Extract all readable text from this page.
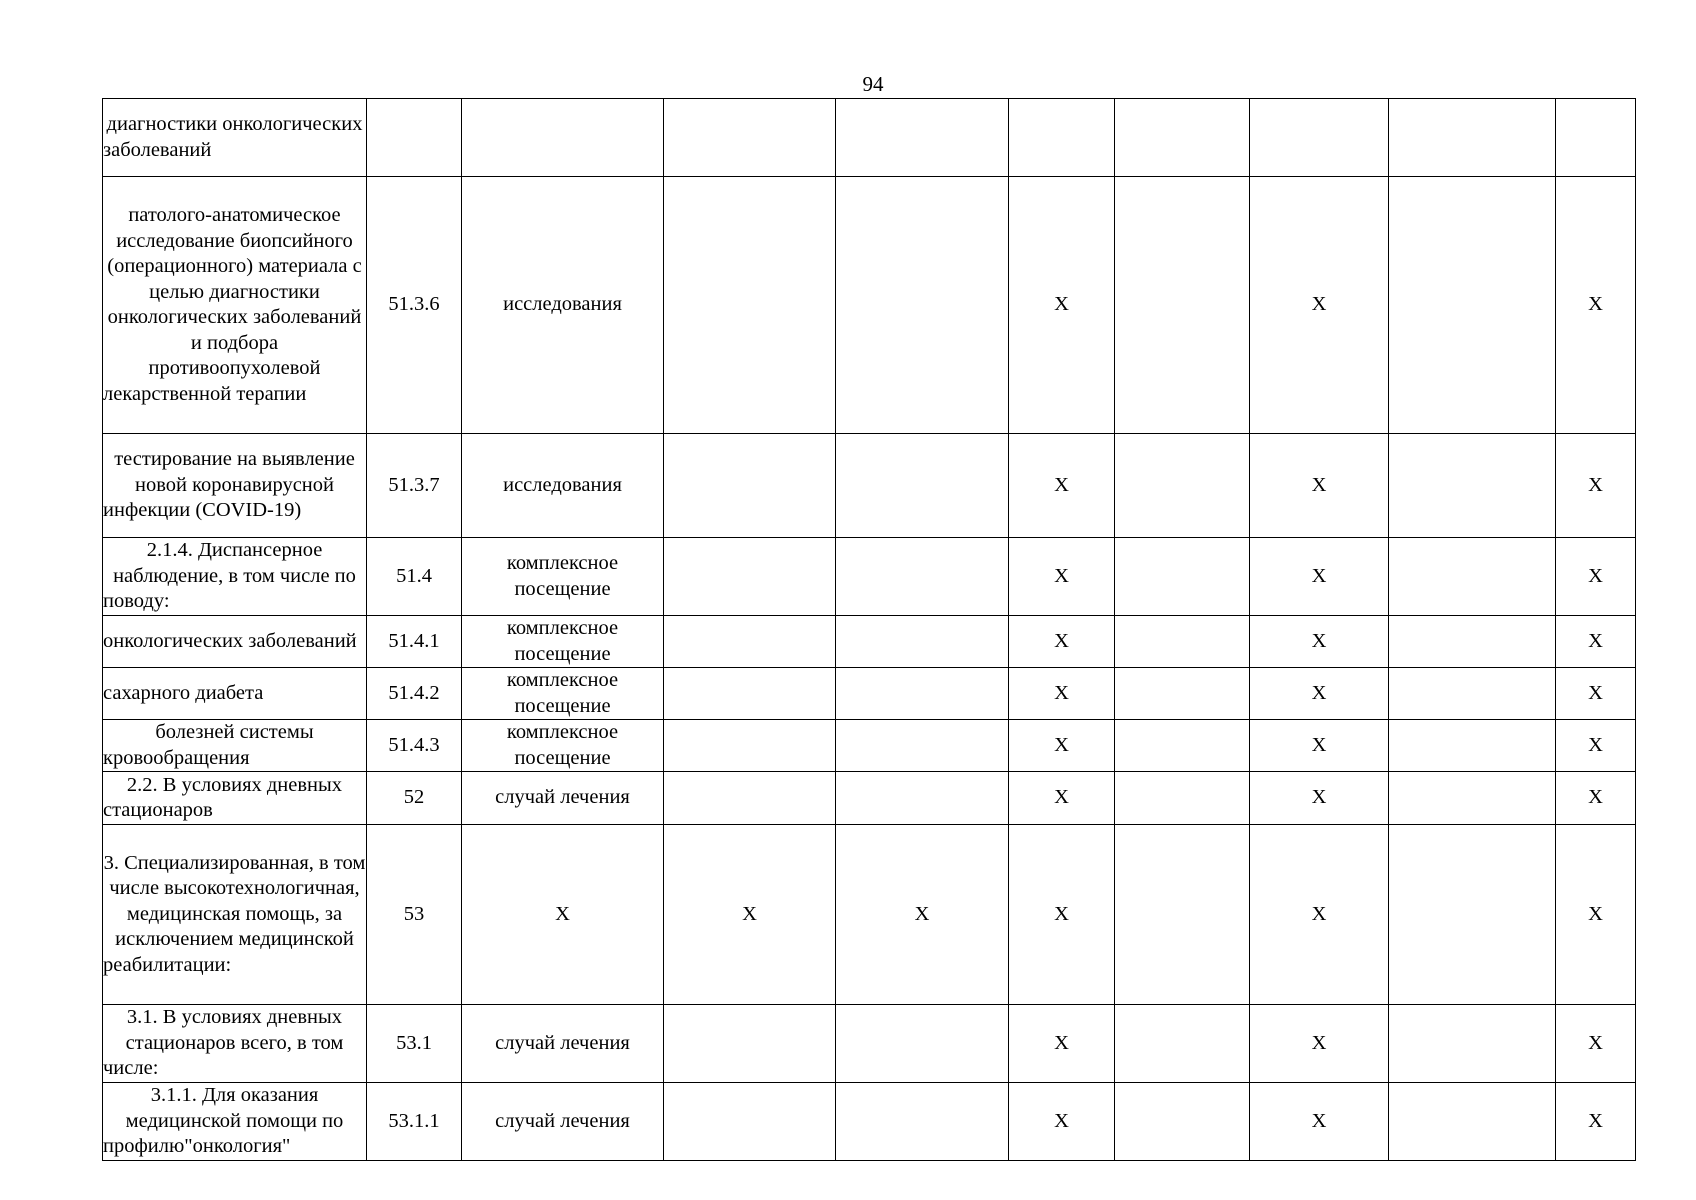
94
диагностики онкологических заболеваний									
патолого-анатомическое исследование биопсийного (операционного) материала с целью диагностики онкологических заболеваний и подбора противоопухолевой лекарственной терапии	51.3.6	исследования			Х		Х		Х
тестирование на выявление новой коронавирусной инфекции (COVID-19)	51.3.7	исследования			Х		Х		Х
2.1.4. Диспансерное наблюдение, в том числе по поводу:	51.4	комплексное посещение			Х		Х		Х
онкологических заболеваний	51.4.1	комплексное посещение			Х		Х		Х
сахарного диабета	51.4.2	комплексное посещение			Х		Х		Х
болезней системы кровообращения	51.4.3	комплексное посещение			Х		Х		Х
2.2. В условиях дневных стационаров	52	случай лечения			Х		Х		Х
3. Специализированная, в том числе высокотехнологичная, медицинская помощь, за исключением медицинской реабилитации:	53	Х	Х	Х	Х		Х		Х
3.1. В условиях дневных стационаров всего, в том числе:	53.1	случай лечения			Х		Х		Х
3.1.1. Для оказания медицинской помощи по профилю"онкология"	53.1.1	случай лечения			Х		Х		Х
